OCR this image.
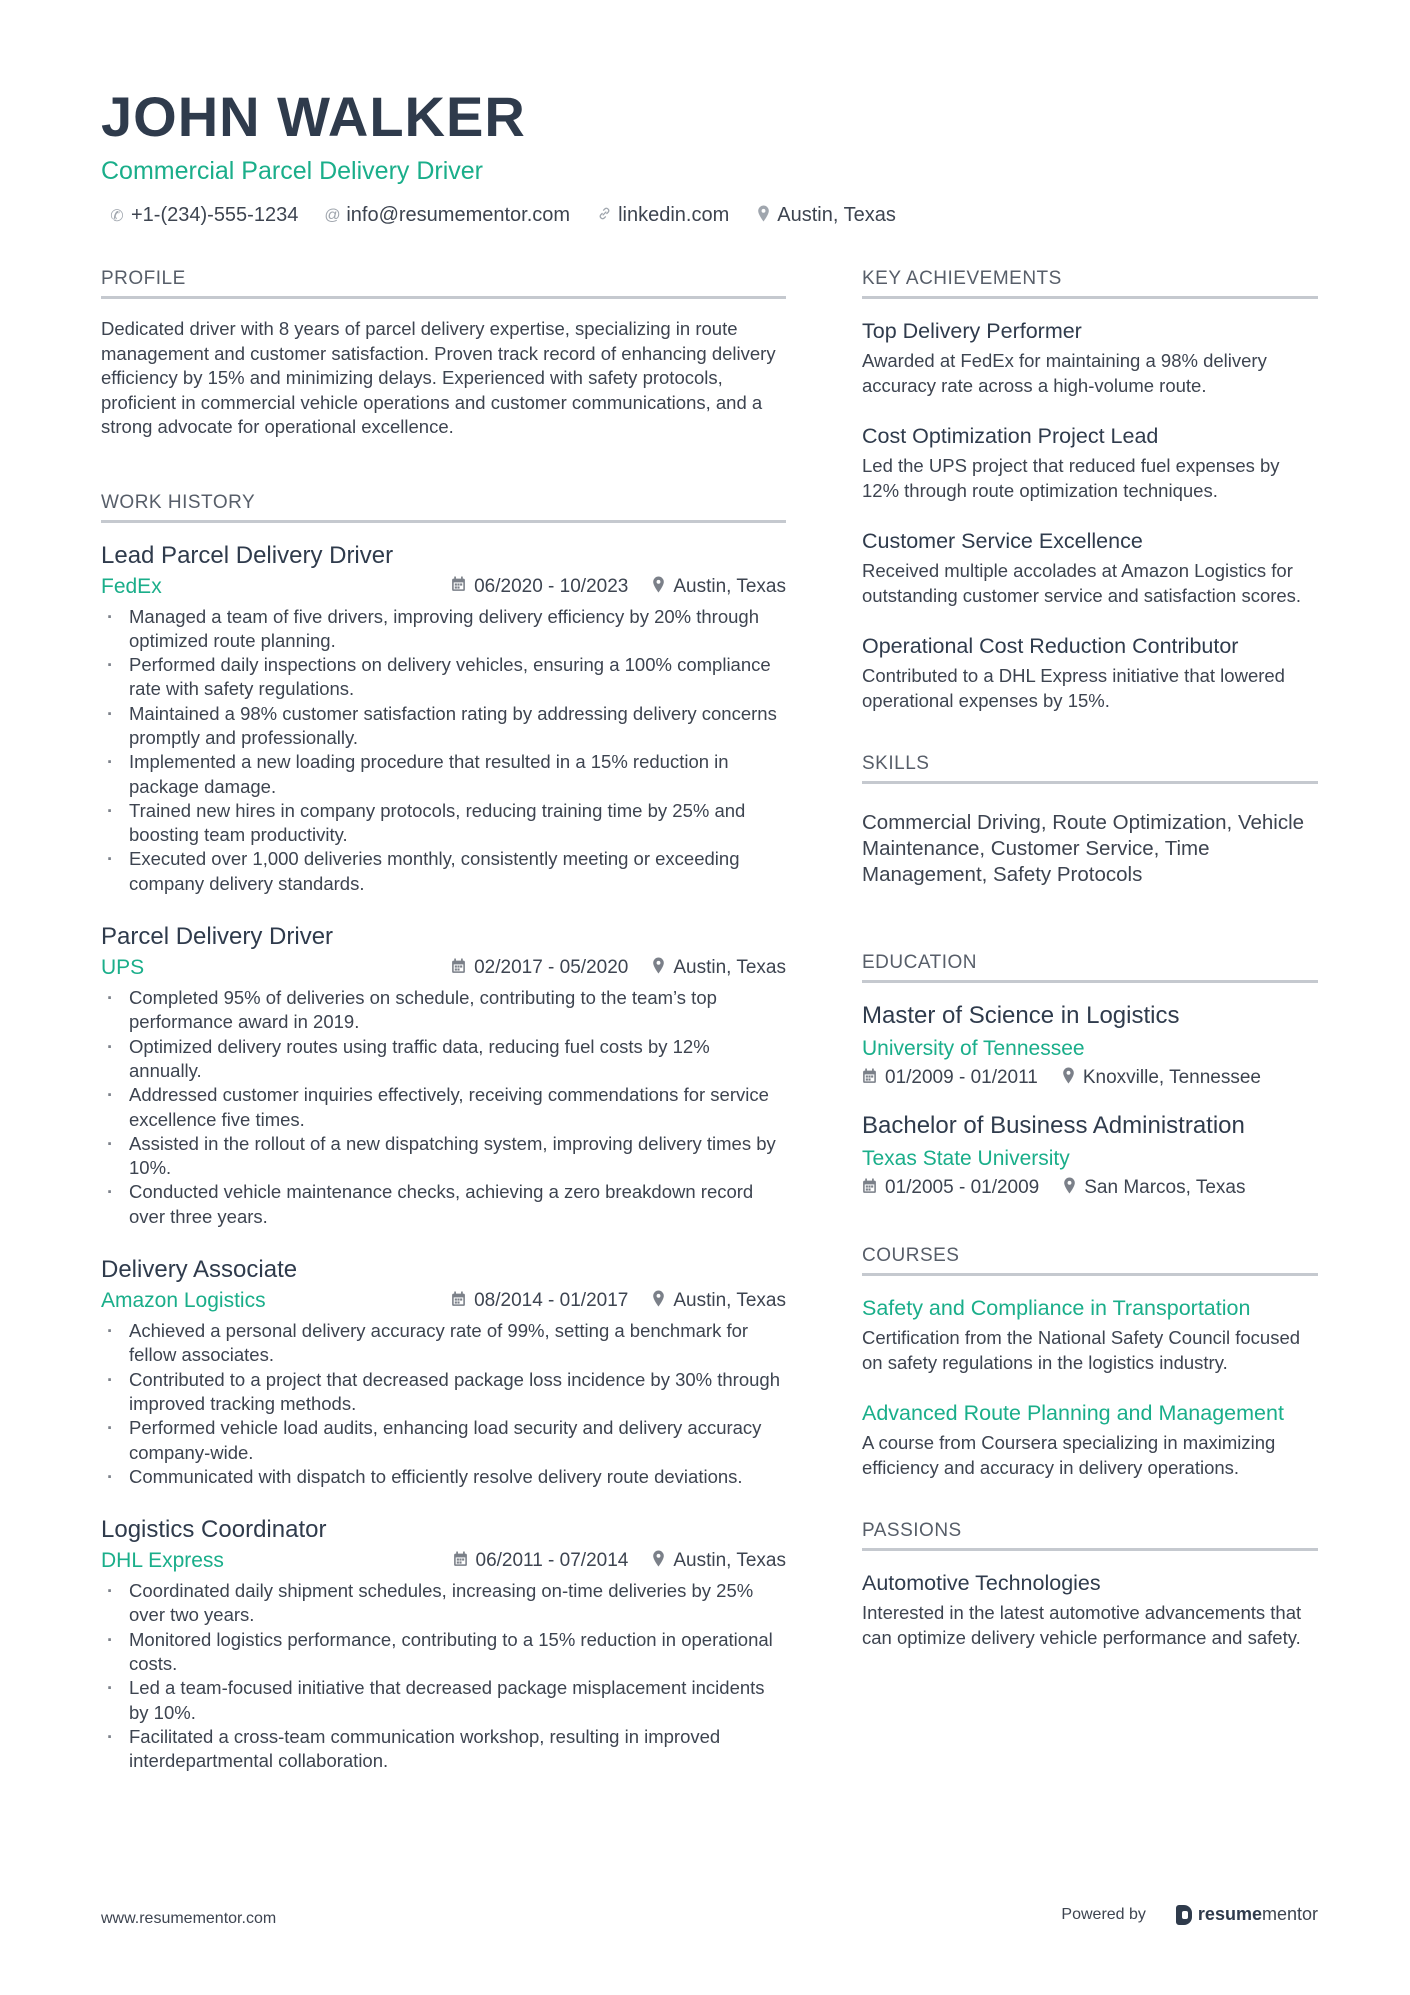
JOHN WALKER
Commercial Parcel Delivery Driver
✆ +1-(234)-555-1234 @ info@resumementor.com linkedin.com Austin, Texas
PROFILE
Dedicated driver with 8 years of parcel delivery expertise, specializing in route management and customer satisfaction. Proven track record of enhancing delivery efficiency by 15% and minimizing delays. Experienced with safety protocols, proficient in commercial vehicle operations and customer communications, and a strong advocate for operational excellence.
WORK HISTORY
Lead Parcel Delivery Driver
FedEx	06/2020 - 10/2023 Austin, Texas
· Managed a team of five drivers, improving delivery efficiency by 20% through optimized route planning.
· Performed daily inspections on delivery vehicles, ensuring a 100% compliance rate with safety regulations.
· Maintained a 98% customer satisfaction rating by addressing delivery concerns promptly and professionally.
· Implemented a new loading procedure that resulted in a 15% reduction in package damage.
· Trained new hires in company protocols, reducing training time by 25% and boosting team productivity.
· Executed over 1,000 deliveries monthly, consistently meeting or exceeding company delivery standards.
Parcel Delivery Driver
UPS	02/2017 - 05/2020 Austin, Texas
· Completed 95% of deliveries on schedule, contributing to the team’s top performance award in 2019.
· Optimized delivery routes using traffic data, reducing fuel costs by 12% annually.
· Addressed customer inquiries effectively, receiving commendations for service excellence five times.
· Assisted in the rollout of a new dispatching system, improving delivery times by 10%.
· Conducted vehicle maintenance checks, achieving a zero breakdown record over three years.
Delivery Associate
Amazon Logistics	08/2014 - 01/2017 Austin, Texas
· Achieved a personal delivery accuracy rate of 99%, setting a benchmark for fellow associates.
· Contributed to a project that decreased package loss incidence by 30% through improved tracking methods.
· Performed vehicle load audits, enhancing load security and delivery accuracy company-wide.
· Communicated with dispatch to efficiently resolve delivery route deviations.
Logistics Coordinator
DHL Express	06/2011 - 07/2014 Austin, Texas
· Coordinated daily shipment schedules, increasing on-time deliveries by 25% over two years.
· Monitored logistics performance, contributing to a 15% reduction in operational costs.
· Led a team-focused initiative that decreased package misplacement incidents by 10%.
· Facilitated a cross-team communication workshop, resulting in improved interdepartmental collaboration.
KEY ACHIEVEMENTS
Top Delivery Performer
Awarded at FedEx for maintaining a 98% delivery accuracy rate across a high-volume route.
Cost Optimization Project Lead
Led the UPS project that reduced fuel expenses by 12% through route optimization techniques.
Customer Service Excellence
Received multiple accolades at Amazon Logistics for outstanding customer service and satisfaction scores.
Operational Cost Reduction Contributor
Contributed to a DHL Express initiative that lowered operational expenses by 15%.
SKILLS
Commercial Driving, Route Optimization, Vehicle Maintenance, Customer Service, Time Management, Safety Protocols
EDUCATION
Master of Science in Logistics
University of Tennessee
01/2009 - 01/2011 Knoxville, Tennessee
Bachelor of Business Administration
Texas State University
01/2005 - 01/2009 San Marcos, Texas
COURSES
Safety and Compliance in Transportation
Certification from the National Safety Council focused on safety regulations in the logistics industry.
Advanced Route Planning and Management
A course from Coursera specializing in maximizing efficiency and accuracy in delivery operations.
PASSIONS
Automotive Technologies
Interested in the latest automotive advancements that can optimize delivery vehicle performance and safety.
www.resumementor.com	Powered by	resumementor
